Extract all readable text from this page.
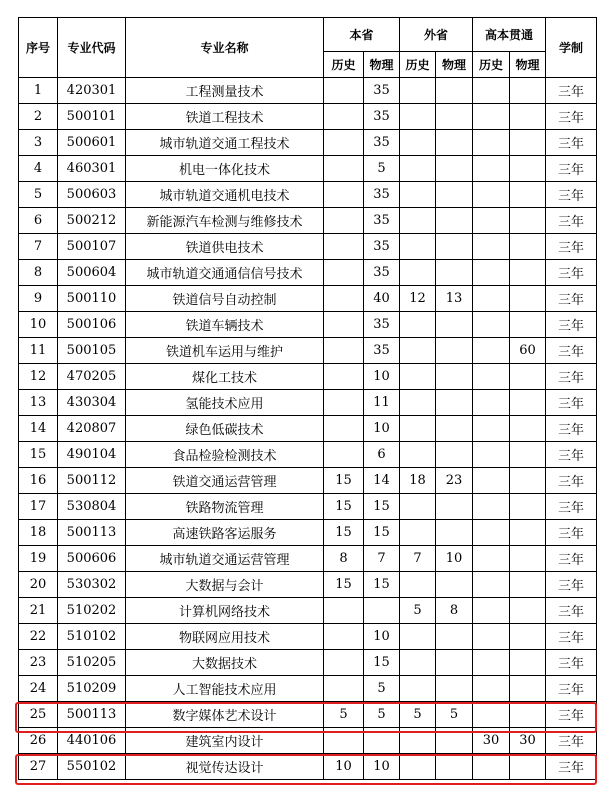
序号	专业代码	专业名称	本省		外省		高本贯通		学制
			历史	物理	历史	物理	历史	物理	
1	420301	工程测量技术		35					三年
2	500101	铁道工程技术		35					三年
3	500601	城市轨道交通工程技术		35					三年
4	460301	机电一体化技术		5					三年
5	500603	城市轨道交通机电技术		35					三年
6	500212	新能源汽车检测与维修技术		35					三年
7	500107	铁道供电技术		35					三年
8	500604	城市轨道交通通信信号技术		35					三年
9	500110	铁道信号自动控制		40	12	13			三年
10	500106	铁道车辆技术		35					三年
11	500105	铁道机车运用与维护		35				60	三年
12	470205	煤化工技术		10					三年
13	430304	氢能技术应用		11					三年
14	420807	绿色低碳技术		10					三年
15	490104	食品检验检测技术		6					三年
16	500112	铁道交通运营管理	15	14	18	23			三年
17	530804	铁路物流管理	15	15					三年
18	500113	高速铁路客运服务	15	15					三年
19	500606	城市轨道交通运营管理	8	7	7	10			三年
20	530302	大数据与会计	15	15					三年
21	510202	计算机网络技术			5	8			三年
22	510102	物联网应用技术		10					三年
23	510205	大数据技术		15					三年
24	510209	人工智能技术应用		5					三年
25	500113	数字媒体艺术设计	5	5	5	5			三年
26	440106	建筑室内设计					30	30	三年
27	550102	视觉传达设计	10	10					三年
